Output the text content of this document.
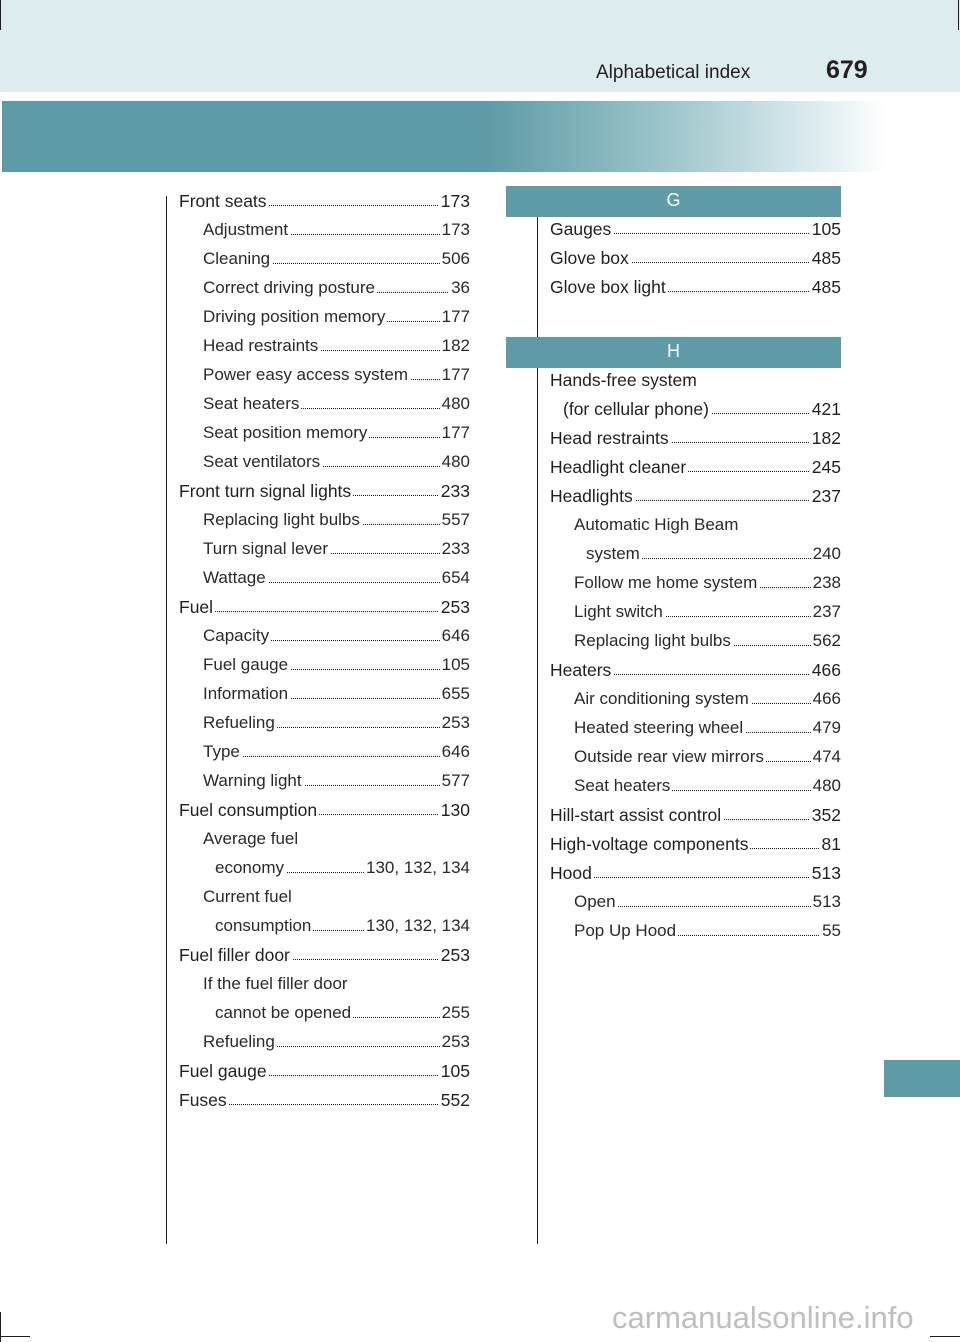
Alphabetical index	679
Front seats	173
Adjustment	173
Cleaning	506
Correct driving posture	36
Driving position memory	177
Head restraints	182
Power easy access system 177
Seat heaters	480
Seat position memory	177
Seat ventilators	480
Front turn signal lights	233
Replacing light bulbs	557
Turn signal lever	233
Wattage	654
Fuel	253
Capacity	646
Fuel gauge	105
Information	655
Refueling	253
Type	646
Warning light	577
Fuel consumption	130
Average fuel
economy	130, 132, 134
Current fuel
consumption	130, 132, 134
Fuel filler door	253
If the fuel filler door
cannot be opened	255
Refueling	253
Fuel gauge	105
Fuses	552
G
Gauges	105
Glove box	485
Glove box light	485
H
Hands-free system
(for cellular phone)	421
Head restraints	182
Headlight cleaner	245
Headlights	237
Automatic High Beam
system	240
Follow me home system	238
Light switch	237
Replacing light bulbs	562
Heaters	466
Air conditioning system	466
Heated steering wheel	479
Outside rear view mirrors	474
Seat heaters	480
Hill-start assist control	352
High-voltage components	81
Hood	513
Open	513
Pop Up Hood	55
carmanualsonline.info
